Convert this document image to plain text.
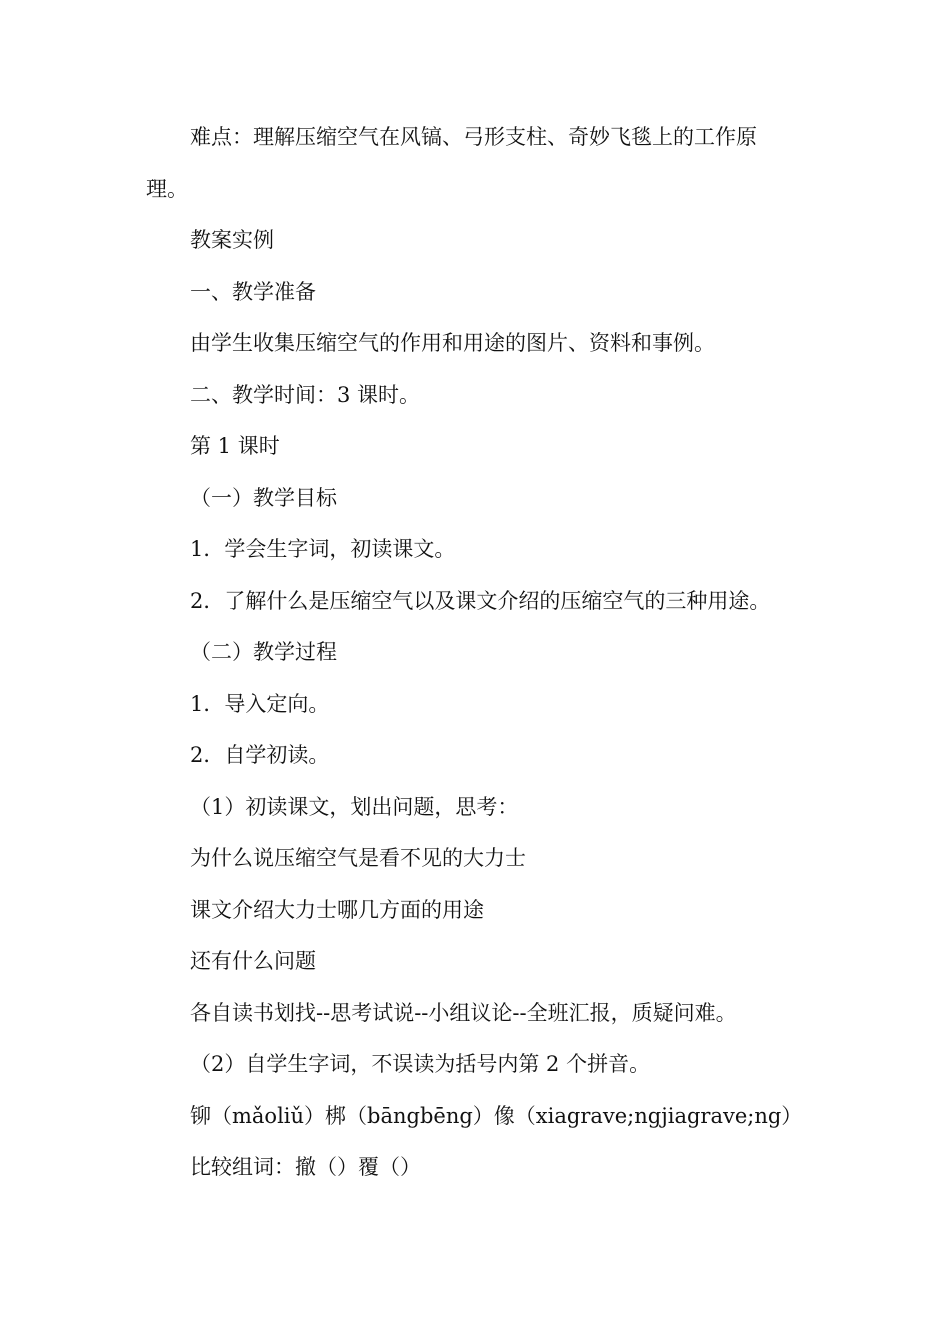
难点：理解压缩空气在风镐、弓形支柱、奇妙飞毯上的工作原

理。

教案实例

一、教学准备

由学生收集压缩空气的作用和用途的图片、资料和事例。

二、教学时间：3 课时。

第 1 课时

（一）教学目标

1．学会生字词，初读课文。

2．了解什么是压缩空气以及课文介绍的压缩空气的三种用途。

（二）教学过程

1．导入定向。

2．自学初读。

（1）初读课文，划出问题，思考：

为什么说压缩空气是看不见的大力士

课文介绍大力士哪几方面的用途

还有什么问题

各自读书划找--思考试说--小组议论--全班汇报，质疑问难。

（2）自学生字词，不误读为括号内第 2 个拼音。

铆（mǎoliǔ）梆（bāngbēng）像（xiagrave;ngjiagrave;ng）

比较组词：撤（）覆（）
